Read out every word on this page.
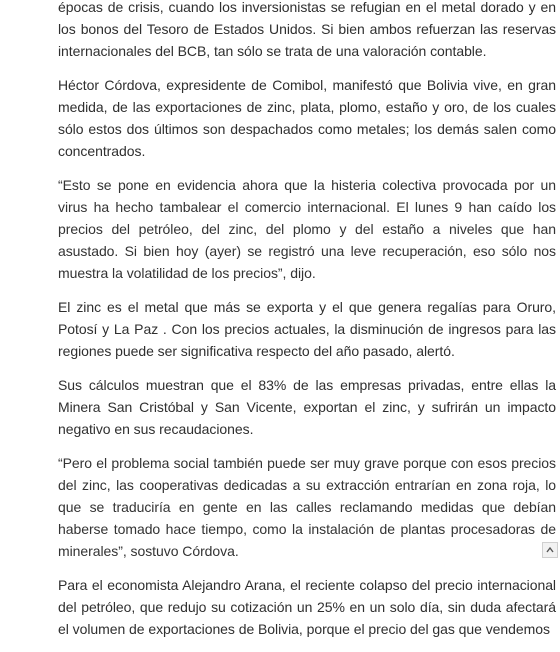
épocas de crisis, cuando los inversionistas se refugian en el metal dorado y en los bonos del Tesoro de Estados Unidos. Si bien ambos refuerzan las reservas internacionales del BCB, tan sólo se trata de una valoración contable.

Héctor Córdova, expresidente de Comibol, manifestó que Bolivia vive, en gran medida, de las exportaciones de zinc, plata, plomo, estaño y oro, de los cuales sólo estos dos últimos son despachados como metales; los demás salen como concentrados.

“Esto se pone en evidencia ahora que la histeria colectiva provocada por un virus ha hecho tambalear el comercio internacional. El lunes 9 han caído los precios del petróleo, del zinc, del plomo y del estaño a niveles que han asustado. Si bien hoy (ayer) se registró una leve recuperación, eso sólo nos muestra la volatilidad de los precios”, dijo.

El zinc es el metal que más se exporta y el que genera regalías para Oruro, Potosí y La Paz . Con los precios actuales, la disminución de ingresos para las regiones puede ser significativa respecto del año pasado, alertó.

Sus cálculos muestran que el 83% de las empresas privadas, entre ellas la Minera San Cristóbal y San Vicente, exportan el zinc, y sufrirán un impacto negativo en sus recaudaciones.

“Pero el problema social también puede ser muy grave porque con esos precios del zinc, las cooperativas dedicadas a su extracción entrarían en zona roja, lo que se traduciría en gente en las calles reclamando medidas que debían haberse tomado hace tiempo, como la instalación de plantas procesadoras de minerales”, sostuvo Córdova.

Para el economista Alejandro Arana, el reciente colapso del precio internacional del petróleo, que redujo su cotización un 25% en un solo día, sin duda afectará el volumen de exportaciones de Bolivia, porque el precio del gas que vendemos
